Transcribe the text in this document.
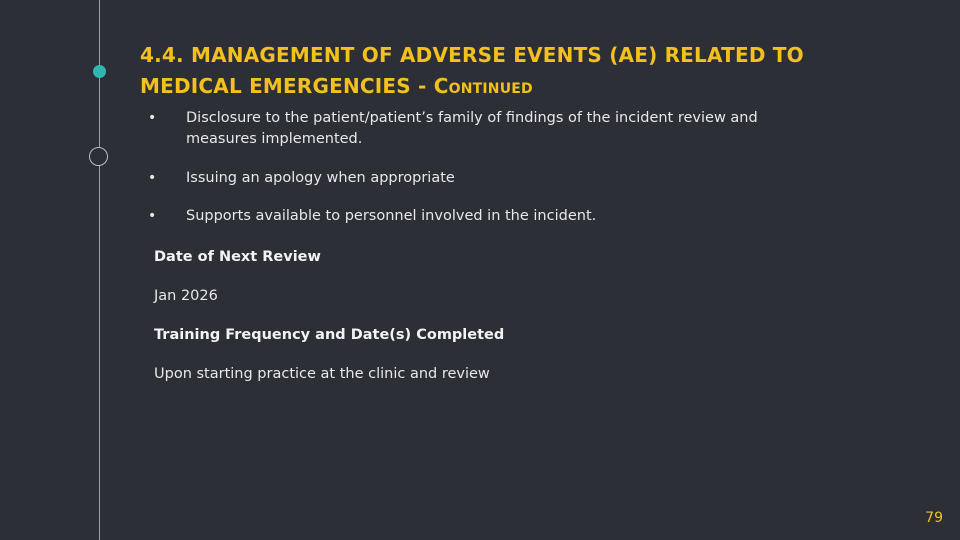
4.4. MANAGEMENT OF ADVERSE EVENTS (AE) RELATED TO MEDICAL EMERGENCIES - Continued
• Disclosure to the patient/patient’s family of findings of the incident review and measures implemented.
• Issuing an apology when appropriate
• Supports available to personnel involved in the incident.
Date of Next Review
Jan 2026
Training Frequency and Date(s) Completed
Upon starting practice at the clinic and review
79
